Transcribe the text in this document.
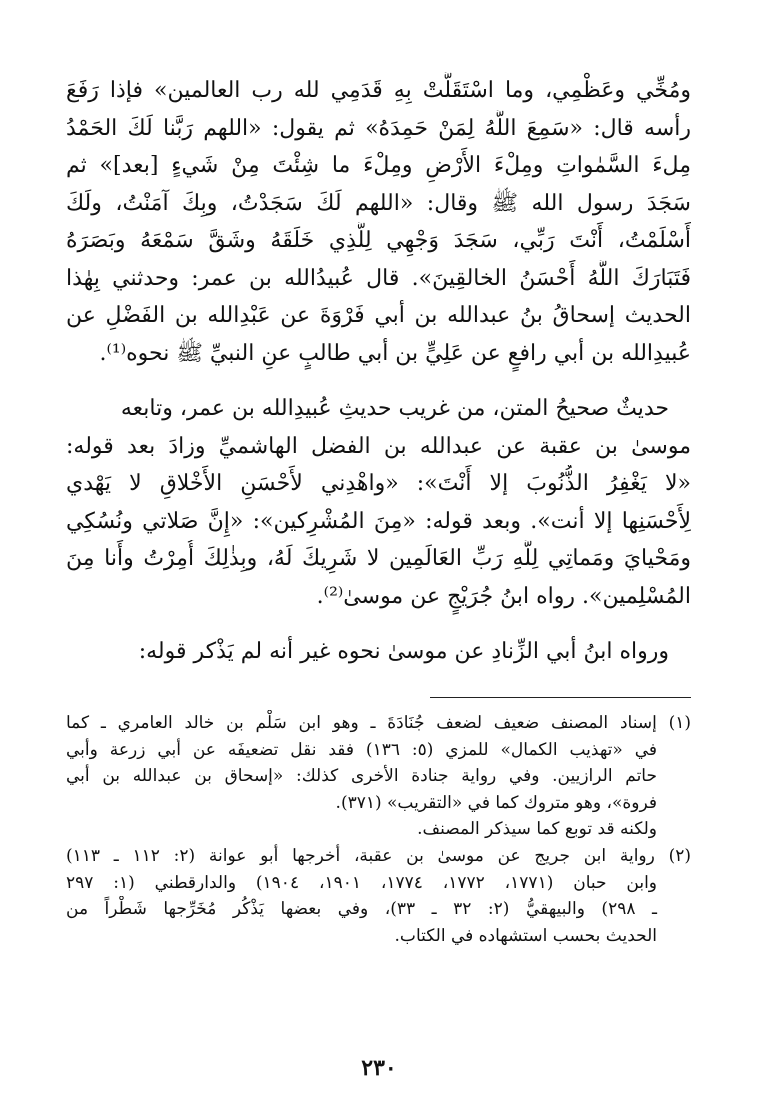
ومُخِّي وعَظْمِي، وما اسْتَقَلَّتْ بِهِ قَدَمِي لله رب العالمين» فإذا رَفَعَ
رأسه قال: «سَمِعَ اللَّهُ لِمَنْ حَمِدَهُ» ثم يقول: «اللهم رَبَّنا لَكَ الحَمْدُ
مِلءَ السَّمٰواتِ ومِلْءَ الأَرْضِ ومِلْءَ ما شِئْتَ مِنْ شَيءٍ [بعد]» ثم
سَجَدَ رسول الله ﷺ وقال: «اللهم لَكَ سَجَدْتُ، وبِكَ آمَنْتُ، ولَكَ
أَسْلَمْتُ، أَنْتَ رَبِّي، سَجَدَ وَجْهِي لِلَّذِي خَلَقَهُ وشَقَّ سَمْعَهُ وبَصَرَهُ
فَتَبَارَكَ اللَّهُ أَحْسَنُ الخالقِينَ». قال عُبيدُالله بن عمر: وحدثني بِهٰذا
الحديث إسحاقُ بنُ عبدالله بن أبي فَرْوَةَ عن عَبْدِالله بن الفَضْلِ عن
عُبيدِالله بن أبي رافعٍ عن عَلِيٍّ بن أبي طالبٍ عنِ النبيِّ ﷺ نحوه⁽¹⁾.
حديثٌ صحيحُ المتن، من غريب حديثِ عُبيدِالله بن عمر، وتابعه
موسىٰ بن عقبة عن عبدالله بن الفضل الهاشميِّ وزادَ بعد قوله:
«لا يَغْفِرُ الذُّنُوبَ إلا أَنْتَ»: «واهْدِني لأَحْسَنِ الأَخْلاقِ لا يَهْدي
لِأَحْسَنِها إلا أنت». وبعد قوله: «مِنَ المُشْرِكين»: «إِنَّ صَلاتي ونُسُكِي
ومَحْيايَ ومَماتِي لِلَّهِ رَبِّ العَالَمِين لا شَرِيكَ لَهُ، وبِذٰلِكَ أُمِرْتُ وأَنا مِنَ
المُسْلِمين». رواه ابنُ جُرَيْجٍ عن موسىٰ⁽²⁾.
ورواه ابنُ أبي الزِّنادِ عن موسىٰ نحوه غير أنه لم يَذْكر قوله:
(١) إسناد المصنف ضعيف لضعف جُنَادَةَ ـ وهو ابن سَلْم بن خالد العامري ـ كما
في «تهذيب الكمال» للمزي (٥: ١٣٦) فقد نقل تضعيفَه عن أبي زرعة وأبي
حاتم الرازيين. وفي رواية جنادة الأخرى كذلك: «إسحاق بن عبدالله بن أبي
فروة»، وهو متروك كما في «التقريب» (٣٧١).
ولكنه قد توبع كما سيذكر المصنف.
(٢) رواية ابن جريج عن موسىٰ بن عقبة، أخرجها أبو عوانة (٢: ١١٢ ـ ١١٣)
وابن حبان (١٧٧١، ١٧٧٢، ١٧٧٤، ١٩٠١، ١٩٠٤) والدارقطني (١: ٢٩٧
ـ ٢٩٨) والبيهقيُّ (٢: ٣٢ ـ ٣٣)، وفي بعضها يَذْكُر مُخَرِّجها شَطْراً من
الحديث بحسب استشهاده في الكتاب.
٢٣٠
